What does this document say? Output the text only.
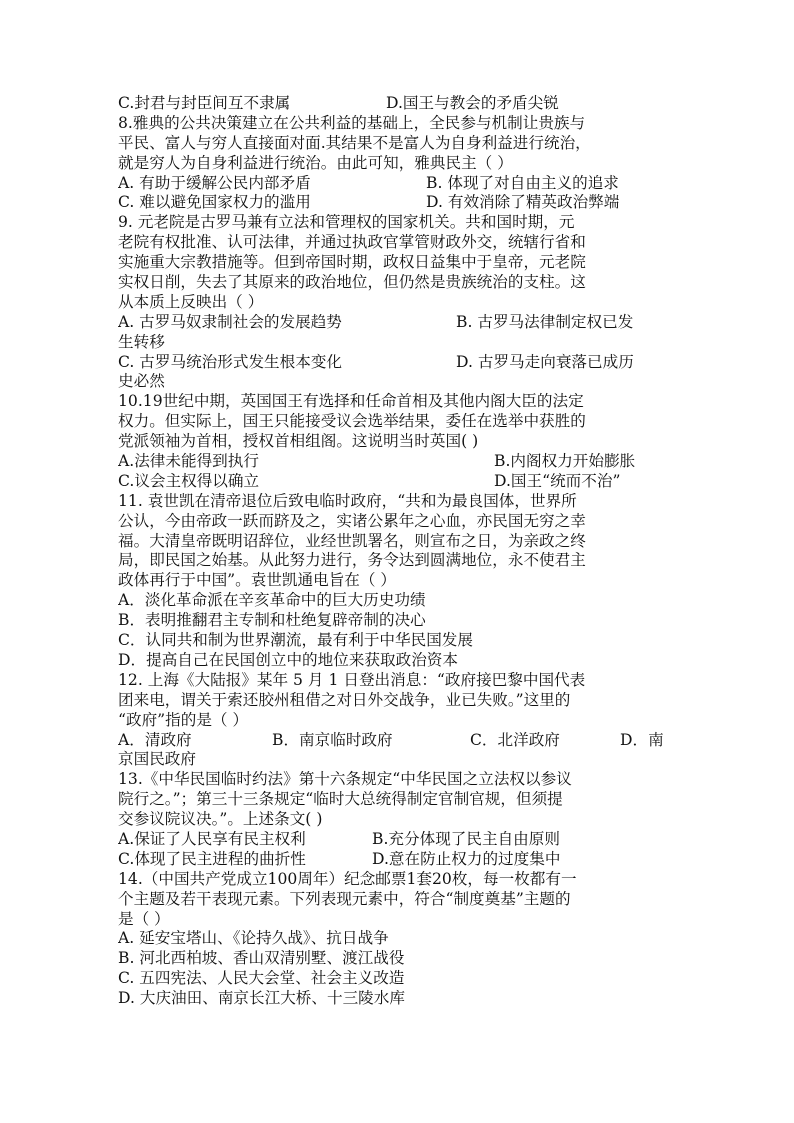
C.封君与封臣间互不隶属	D.国王与教会的矛盾尖锐
8.雅典的公共决策建立在公共利益的基础上，全民参与机制让贵族与
平民、富人与穷人直接面对面.其结果不是富人为自身利益进行统治，
就是穷人为自身利益进行统治。由此可知，雅典民主（ ）
A. 有助于缓解公民内部矛盾	B. 体现了对自由主义的追求
C. 难以避免国家权力的滥用	D. 有效消除了精英政治弊端
9. 元老院是古罗马兼有立法和管理权的国家机关。共和国时期，元
老院有权批准、认可法律，并通过执政官掌管财政外交，统辖行省和
实施重大宗教措施等。但到帝国时期，政权日益集中于皇帝，元老院
实权日削，失去了其原来的政治地位，但仍然是贵族统治的支柱。这
从本质上反映出（ ）
A. 古罗马奴隶制社会的发展趋势	B. 古罗马法律制定权已发
生转移
C. 古罗马统治形式发生根本变化	D. 古罗马走向衰落已成历
史必然
10.19世纪中期，英国国王有选择和任命首相及其他内阁大臣的法定
权力。但实际上，国王只能接受议会选举结果，委任在选举中获胜的
党派领袖为首相，授权首相组阁。这说明当时英国( )
A.法律未能得到执行	B.内阁权力开始膨胀
C.议会主权得以确立	D.国王“统而不治”
11. 袁世凯在清帝退位后致电临时政府，“共和为最良国体，世界所
公认，今由帝政一跃而跻及之，实诸公累年之心血，亦民国无穷之幸
福。大清皇帝既明诏辞位，业经世凯署名，则宣布之日，为亲政之终
局，即民国之始基。从此努力进行，务令达到圆满地位，永不使君主
政体再行于中国”。袁世凯通电旨在（ ）
A．淡化革命派在辛亥革命中的巨大历史功绩
B．表明推翻君主专制和杜绝复辟帝制的决心
C．认同共和制为世界潮流，最有利于中华民国发展
D．提高自己在民国创立中的地位来获取政治资本
12. 上海《大陆报》某年 5 月 1 日登出消息：“政府接巴黎中国代表
团来电，谓关于索还胶州租借之对日外交战争，业已失败。”这里的
“政府”指的是（ ）
A．清政府	B．南京临时政府	C．北洋政府	D．南
京国民政府
13.《中华民国临时约法》第十六条规定“中华民国之立法权以参议
院行之。”；第三十三条规定“临时大总统得制定官制官规，但须提
交参议院议决。”。上述条文( )
A.保证了人民享有民主权利	B.充分体现了民主自由原则
C.体现了民主进程的曲折性	D.意在防止权力的过度集中
14.（中国共产党成立100周年）纪念邮票1套20枚，每一枚都有一
个主题及若干表现元素。下列表现元素中，符合“制度奠基”主题的
是（ ）
A. 延安宝塔山、《论持久战》、抗日战争
B. 河北西柏坡、香山双清别墅、渡江战役
C. 五四宪法、人民大会堂、社会主义改造
D. 大庆油田、南京长江大桥、十三陵水库
